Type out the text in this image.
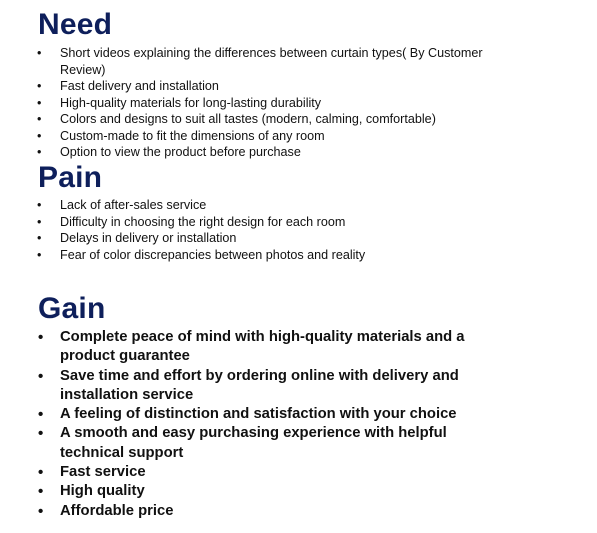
Need
• Short videos explaining the differences between curtain types( By Customer Review)
• Fast delivery and installation
• High-quality materials for long-lasting durability
• Colors and designs to suit all tastes (modern, calming, comfortable)
• Custom-made to fit the dimensions of any room
• Option to view the product before purchase
Pain
• Lack of after-sales service
• Difficulty in choosing the right design for each room
• Delays in delivery or installation
• Fear of color discrepancies between photos and reality
Gain
• Complete peace of mind with high-quality materials and a product guarantee
• Save time and effort by ordering online with delivery and installation service
• A feeling of distinction and satisfaction with your choice
• A smooth and easy purchasing experience with helpful technical support
• Fast service
• High quality
• Affordable price
